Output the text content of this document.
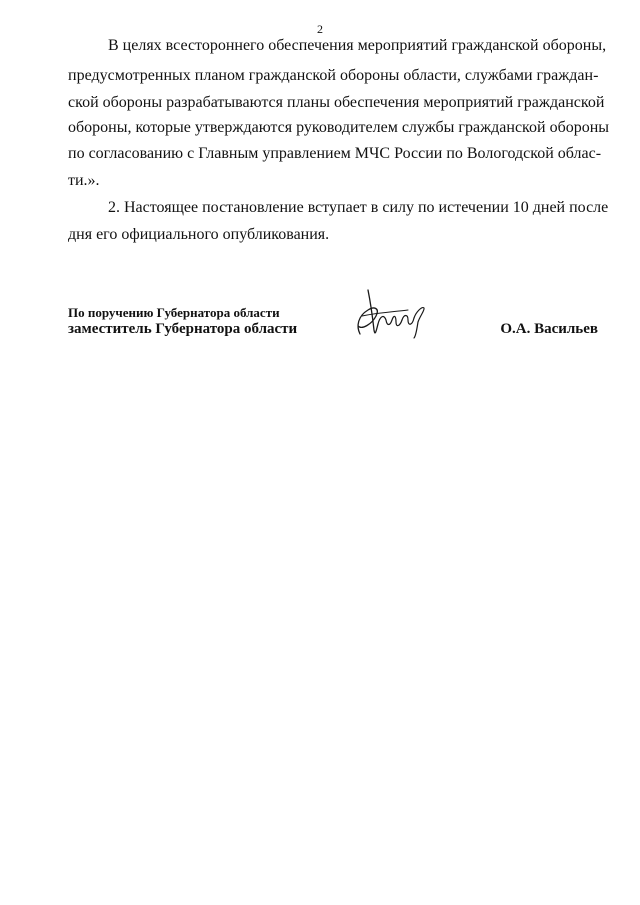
2
В целях всестороннего обеспечения мероприятий гражданской обороны,
предусмотренных планом гражданской обороны области, службами граждан-
ской обороны разрабатываются планы обеспечения мероприятий гражданской
обороны, которые утверждаются руководителем службы гражданской обороны
по согласованию с Главным управлением МЧС России по Вологодской облас-
ти.».
2. Настоящее постановление вступает в силу по истечении 10 дней после
дня его официального опубликования.
По поручению Губернатора области
заместитель Губернатора области	О.А. Васильев
